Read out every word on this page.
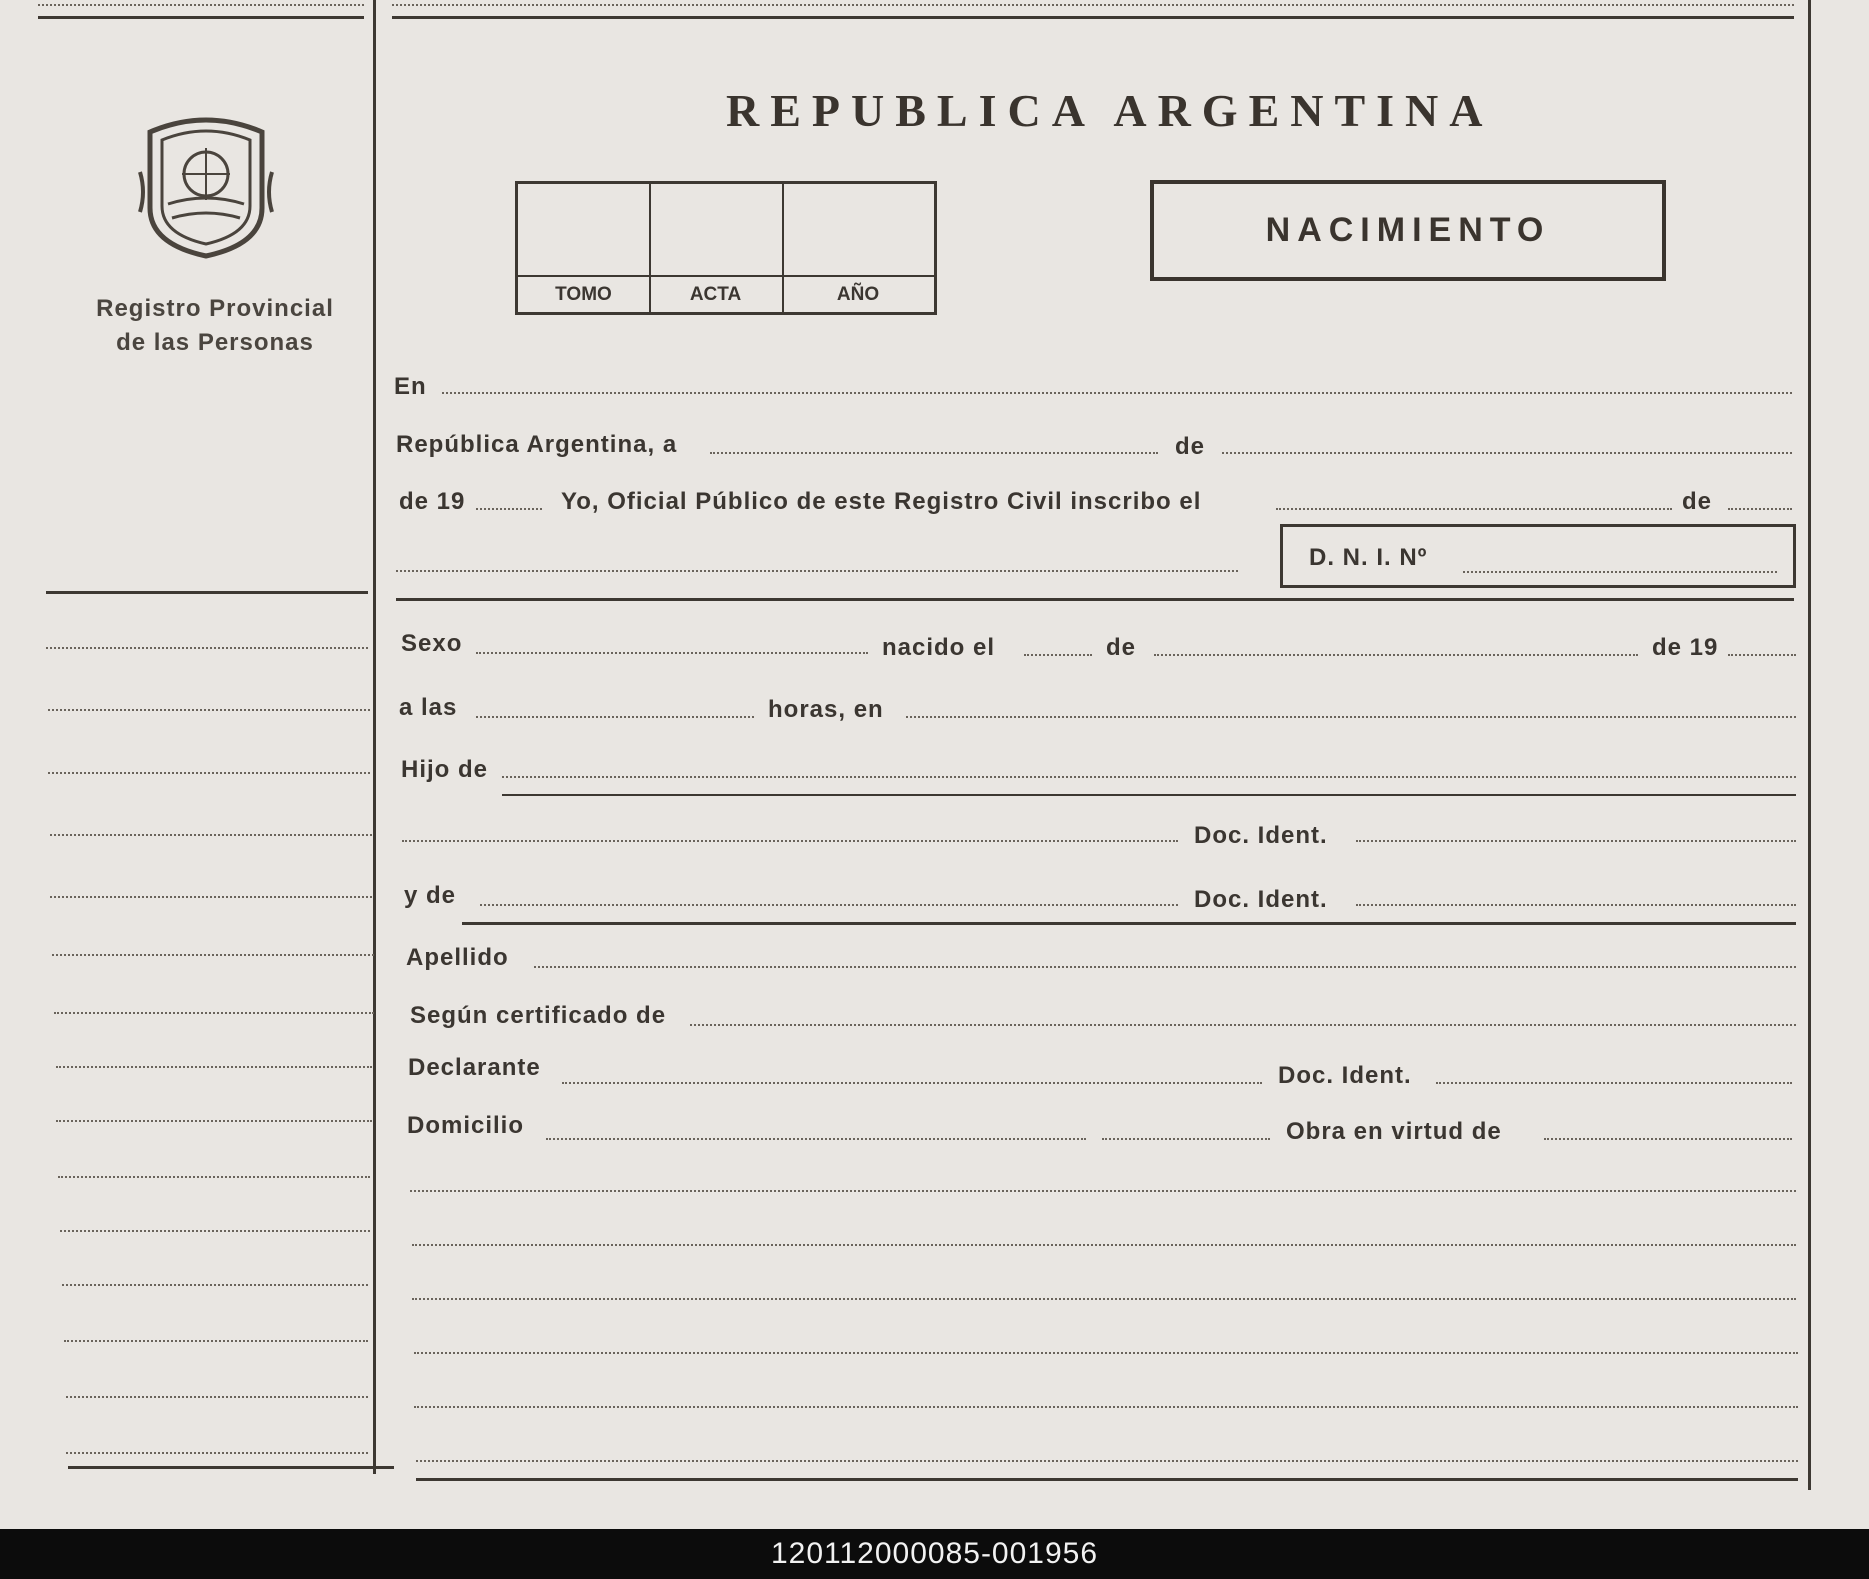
Registro Provincial
de las Personas
REPUBLICA ARGENTINA
TOMO	ACTA	AÑO
NACIMIENTO
En
República Argentina, a	de
de 19	Yo, Oficial Público de este Registro Civil inscribo el	de
D. N. I. Nº
Sexo	nacido el	de	de 19
a las	horas, en
Hijo de
Doc. Ident.
y de	Doc. Ident.
Apellido
Según certificado de
Declarante	Doc. Ident.
Domicilio	Obra en virtud de
120112000085-001956
